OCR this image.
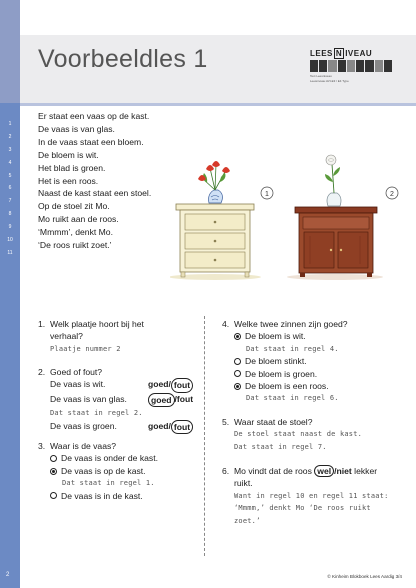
1
2
3
4
5
6
7
8
9
10
11
2
Voorbeeldles 1	LEES N IVEAU
Text Leesniveau
Leesniveau AVI-E3 / E4 Type
Er staat een vaas op de kast.
De vaas is van glas.
In de vaas staat een bloem.
De bloem is wit.
Het blad is groen.
Het is een roos.
Naast de kast staat een stoel.
Op de stoel zit Mo.
Mo ruikt aan de roos.
‘Mmmm’, denkt Mo.
‘De roos ruikt zoet.’
1	2
1. Welk plaatje hoort bij het
verhaal?
Plaatje nummer 2
2. Goed of fout?
De vaas is wit.	goed / fout
De vaas is van glas.	goed / fout
Dat staat in regel 2.
De vaas is groen.	goed / fout
3. Waar is de vaas?
De vaas is onder de kast.
De vaas is op de kast.
Dat staat in regel 1.
De vaas is in de kast.
4. Welke twee zinnen zijn goed?
De bloem is wit.
Dat staat in regel 4.
De bloem stinkt.
De bloem is groen.
De bloem is een roos.
Dat staat in regel 6.
5. Waar staat de stoel?
De stoel staat naast de kast.
Dat staat in regel 7.
6. Mo vindt dat de roos wel /niet lekker
ruikt.
Want in regel 10 en regel 11 staat:
‘Mmmm,’ denkt Mo ‘De roos ruikt
zoet.’
© Kinheim Blokboek Lees Aardig 3/4
